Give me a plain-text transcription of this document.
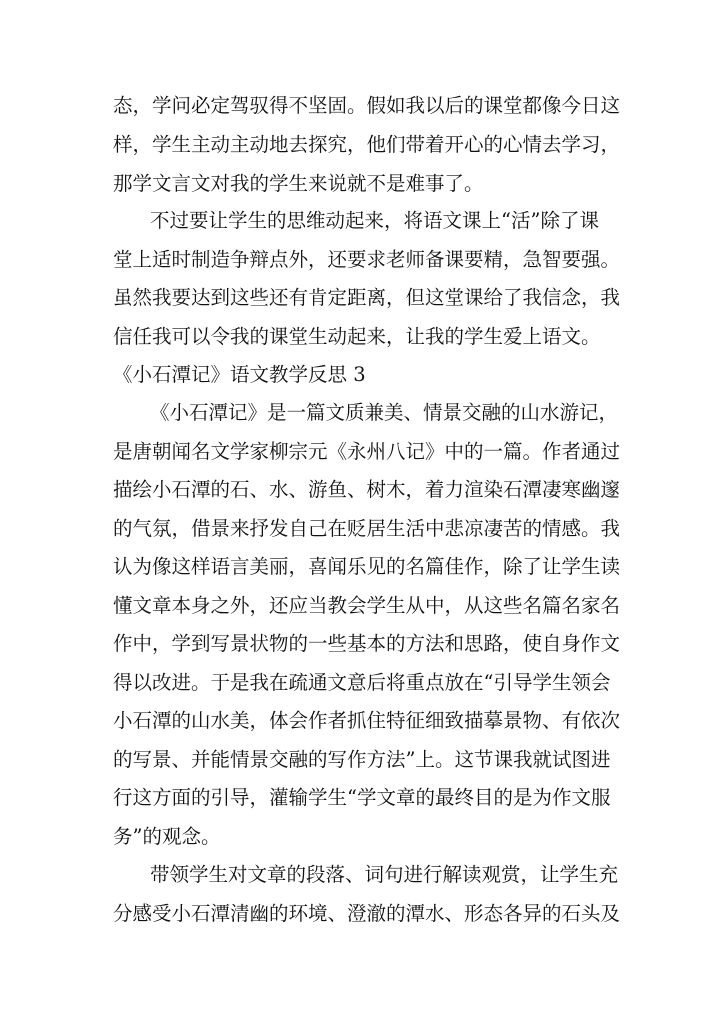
态，学问必定驾驭得不坚固。假如我以后的课堂都像今日这
样，学生主动主动地去探究，他们带着开心的心情去学习，
那学文言文对我的学生来说就不是难事了。
不过要让学生的思维动起来，将语文课上“活”除了课
堂上适时制造争辩点外，还要求老师备课要精，急智要强。
虽然我要达到这些还有肯定距离，但这堂课给了我信念，我
信任我可以令我的课堂生动起来，让我的学生爱上语文。
《小石潭记》语文教学反思 3
《小石潭记》是一篇文质兼美、情景交融的山水游记，
是唐朝闻名文学家柳宗元《永州八记》中的一篇。作者通过
描绘小石潭的石、水、游鱼、树木，着力渲染石潭凄寒幽邃
的气氛，借景来抒发自己在贬居生活中悲凉凄苦的情感。我
认为像这样语言美丽，喜闻乐见的名篇佳作，除了让学生读
懂文章本身之外，还应当教会学生从中，从这些名篇名家名
作中，学到写景状物的一些基本的方法和思路，使自身作文
得以改进。于是我在疏通文意后将重点放在“引导学生领会
小石潭的山水美，体会作者抓住特征细致描摹景物、有依次
的写景、并能情景交融的写作方法”上。这节课我就试图进
行这方面的引导，灌输学生“学文章的最终目的是为作文服
务”的观念。
带领学生对文章的段落、词句进行解读观赏，让学生充
分感受小石潭清幽的环境、澄澈的潭水、形态各异的石头及
